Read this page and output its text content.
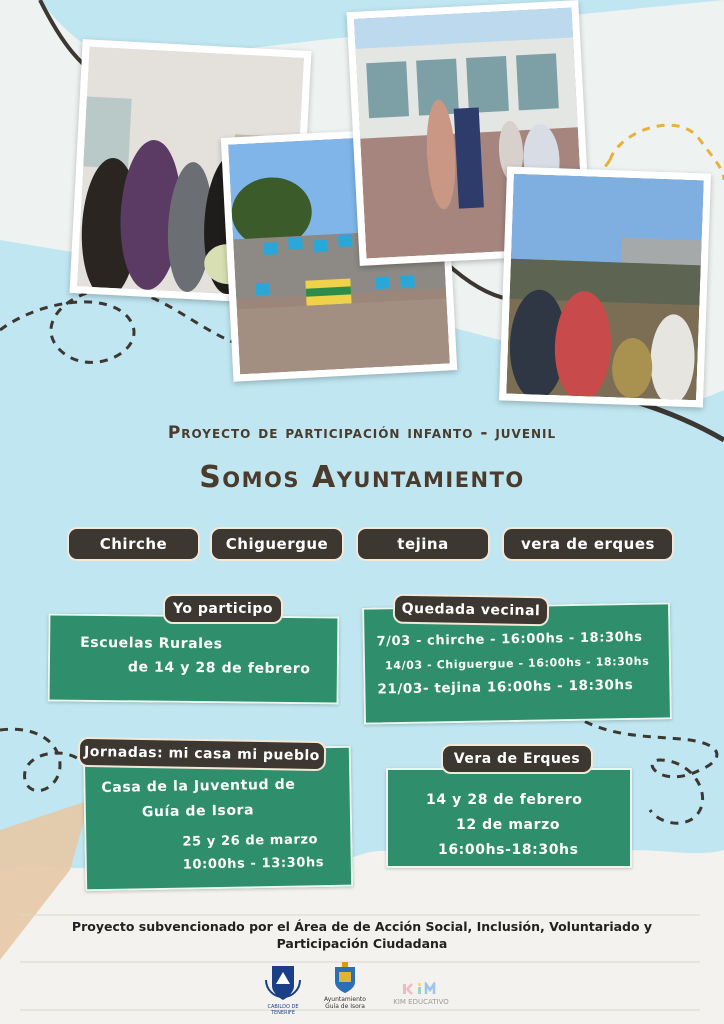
Proyecto de participación infanto - juvenil
Somos Ayuntamiento
Chirche	Chiguergue	tejina	vera de erques
Escuelas Rurales
de 14 y 28 de febrero
Yo participo
7/03 - chirche - 16:00hs - 18:30hs
14/03 - Chiguergue - 16:00hs - 18:30hs
21/03- tejina 16:00hs - 18:30hs
Quedada vecinal
Casa de la Juventud de
Guía de Isora
25 y 26 de marzo
10:00hs - 13:30hs
Jornadas: mi casa mi pueblo
14 y 28 de febrero
12 de marzo
16:00hs-18:30hs
Vera de Erques
Proyecto subvencionado por el Área de de Acción Social, Inclusión, Voluntariado y
Participación Ciudadana
CABILDO DE TENERIFE
Ayuntamiento
Guía de Isora
KIM EDUCATIVO
